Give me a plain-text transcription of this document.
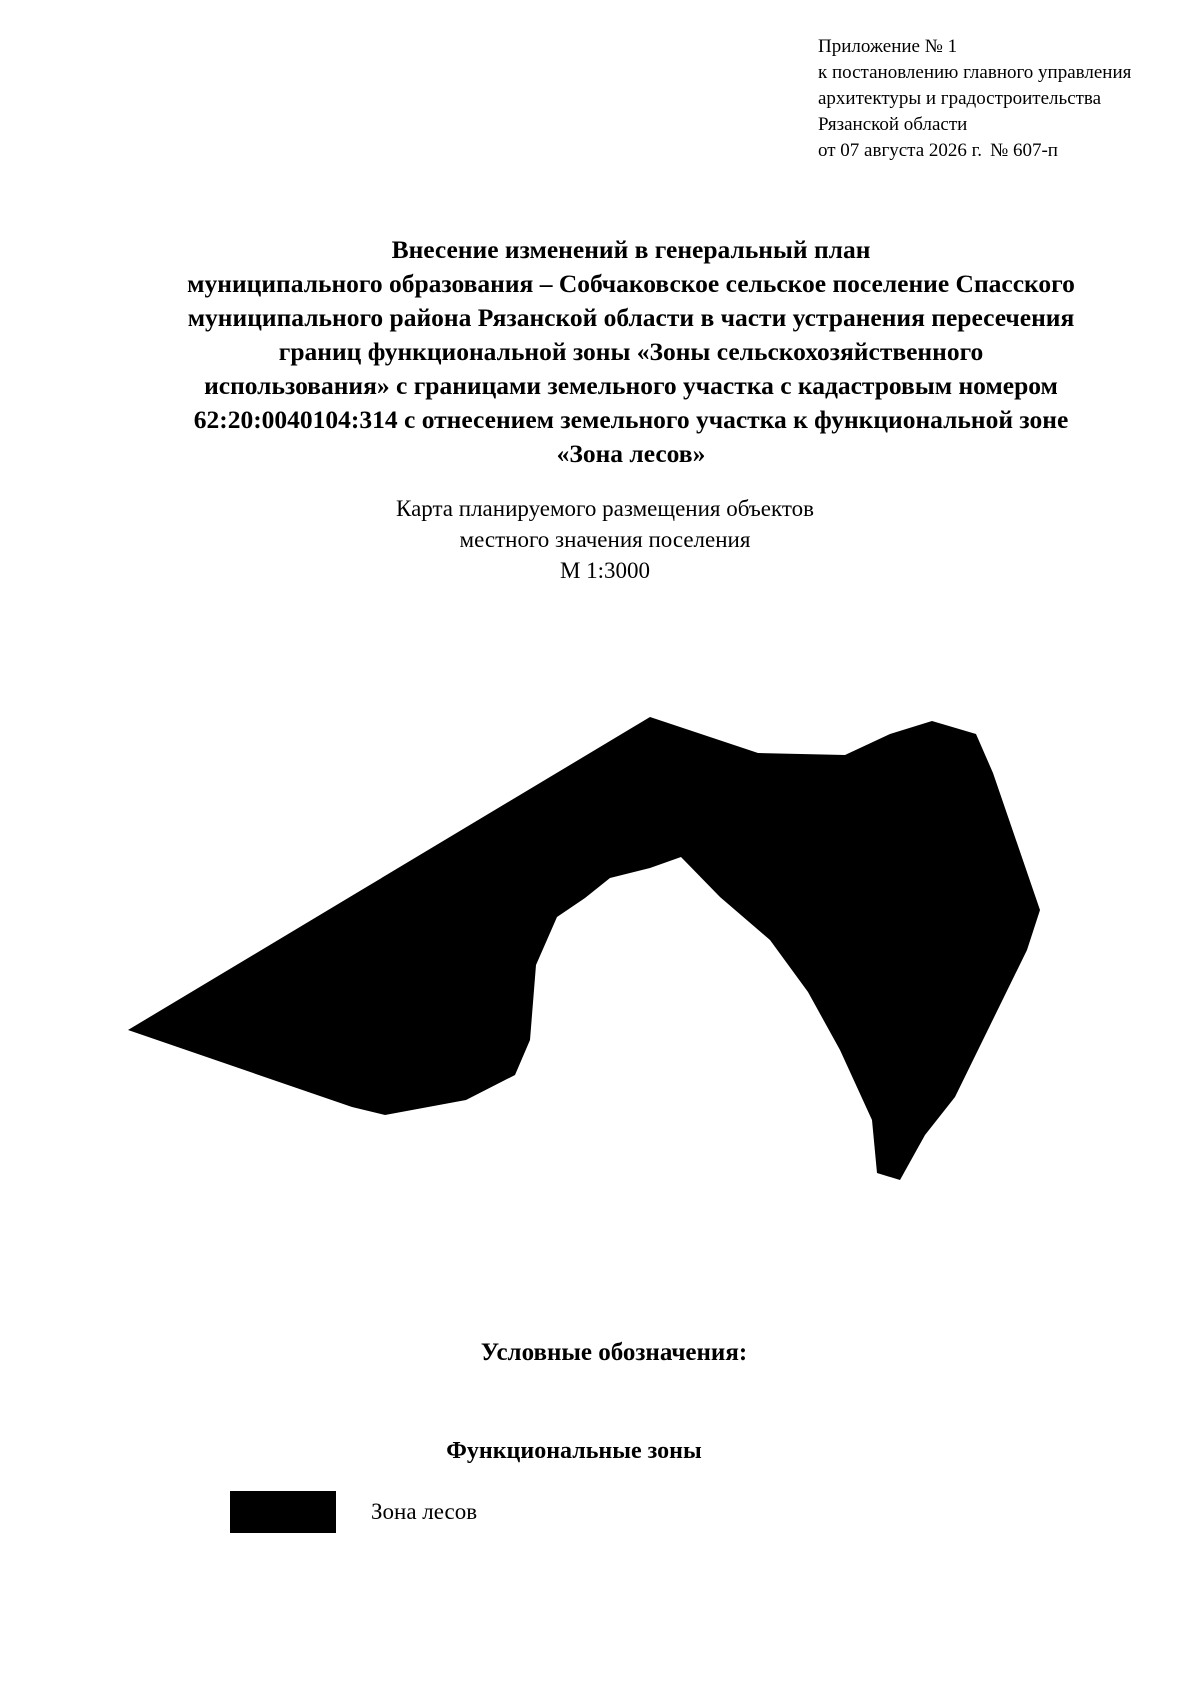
Приложение № 1
к постановлению главного управления
архитектуры и градостроительства
Рязанской области
от 07 августа 2026 г. № 607-п
Внесение изменений в генеральный план
муниципального образования – Собчаковское сельское поселение Спасского
муниципального района Рязанской области в части устранения пересечения
границ функциональной зоны «Зоны сельскохозяйственного
использования» с границами земельного участка с кадастровым номером
62:20:0040104:314 с отнесением земельного участка к функциональной зоне
«Зона лесов»
Карта планируемого размещения объектов
местного значения поселения
М 1:3000
Условные обозначения:
Функциональные зоны
Зона лесов
